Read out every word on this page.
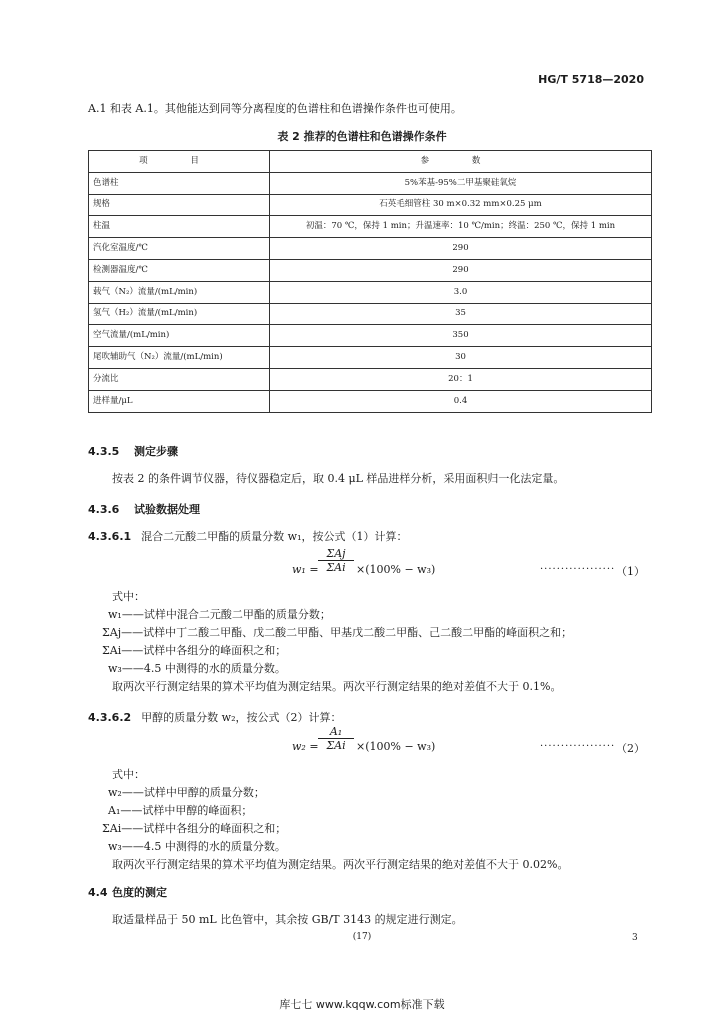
HG/T 5718—2020
A.1 和表 A.1。其他能达到同等分离程度的色谱柱和色谱操作条件也可使用。
表 2 推荐的色谱柱和色谱操作条件
项 目	参 数
色谱柱	5%苯基-95%二甲基聚硅氧烷
规格	石英毛细管柱 30 m×0.32 mm×0.25 μm
柱温	初温：70 ℃，保持 1 min；升温速率：10 ℃/min；终温：250 ℃，保持 1 min
汽化室温度/℃	290
检测器温度/℃	290
载气（N₂）流量/(mL/min)	3.0
氢气（H₂）流量/(mL/min)	35
空气流量/(mL/min)	350
尾吹辅助气（N₂）流量/(mL/min)	30
分流比	20：1
进样量/μL	0.4
4.3.5 测定步骤
按表 2 的条件调节仪器，待仪器稳定后，取 0.4 μL 样品进样分析，采用面积归一化法定量。
4.3.6 试验数据处理
4.3.6.1 混合二元酸二甲酯的质量分数 w₁，按公式（1）计算：
w₁ =
ΣAj
ΣAi ×(100% − w₃)	·················· （1）
式中：
w₁——试样中混合二元酸二甲酯的质量分数；
ΣAj——试样中丁二酸二甲酯、戊二酸二甲酯、甲基戊二酸二甲酯、己二酸二甲酯的峰面积之和；
ΣAi——试样中各组分的峰面积之和；
w₃——4.5 中测得的水的质量分数。
取两次平行测定结果的算术平均值为测定结果。两次平行测定结果的绝对差值不大于 0.1%。
4.3.6.2 甲醇的质量分数 w₂，按公式（2）计算：
w₂ =
A₁
ΣAi ×(100% − w₃)	·················· （2）
式中：
w₂——试样中甲醇的质量分数；
A₁——试样中甲醇的峰面积；
ΣAi——试样中各组分的峰面积之和；
w₃——4.5 中测得的水的质量分数。
取两次平行测定结果的算术平均值为测定结果。两次平行测定结果的绝对差值不大于 0.02%。
4.4 色度的测定
取适量样品于 50 mL 比色管中，其余按 GB/T 3143 的规定进行测定。
(17)	3
库七七 www.kqqw.com标准下载
